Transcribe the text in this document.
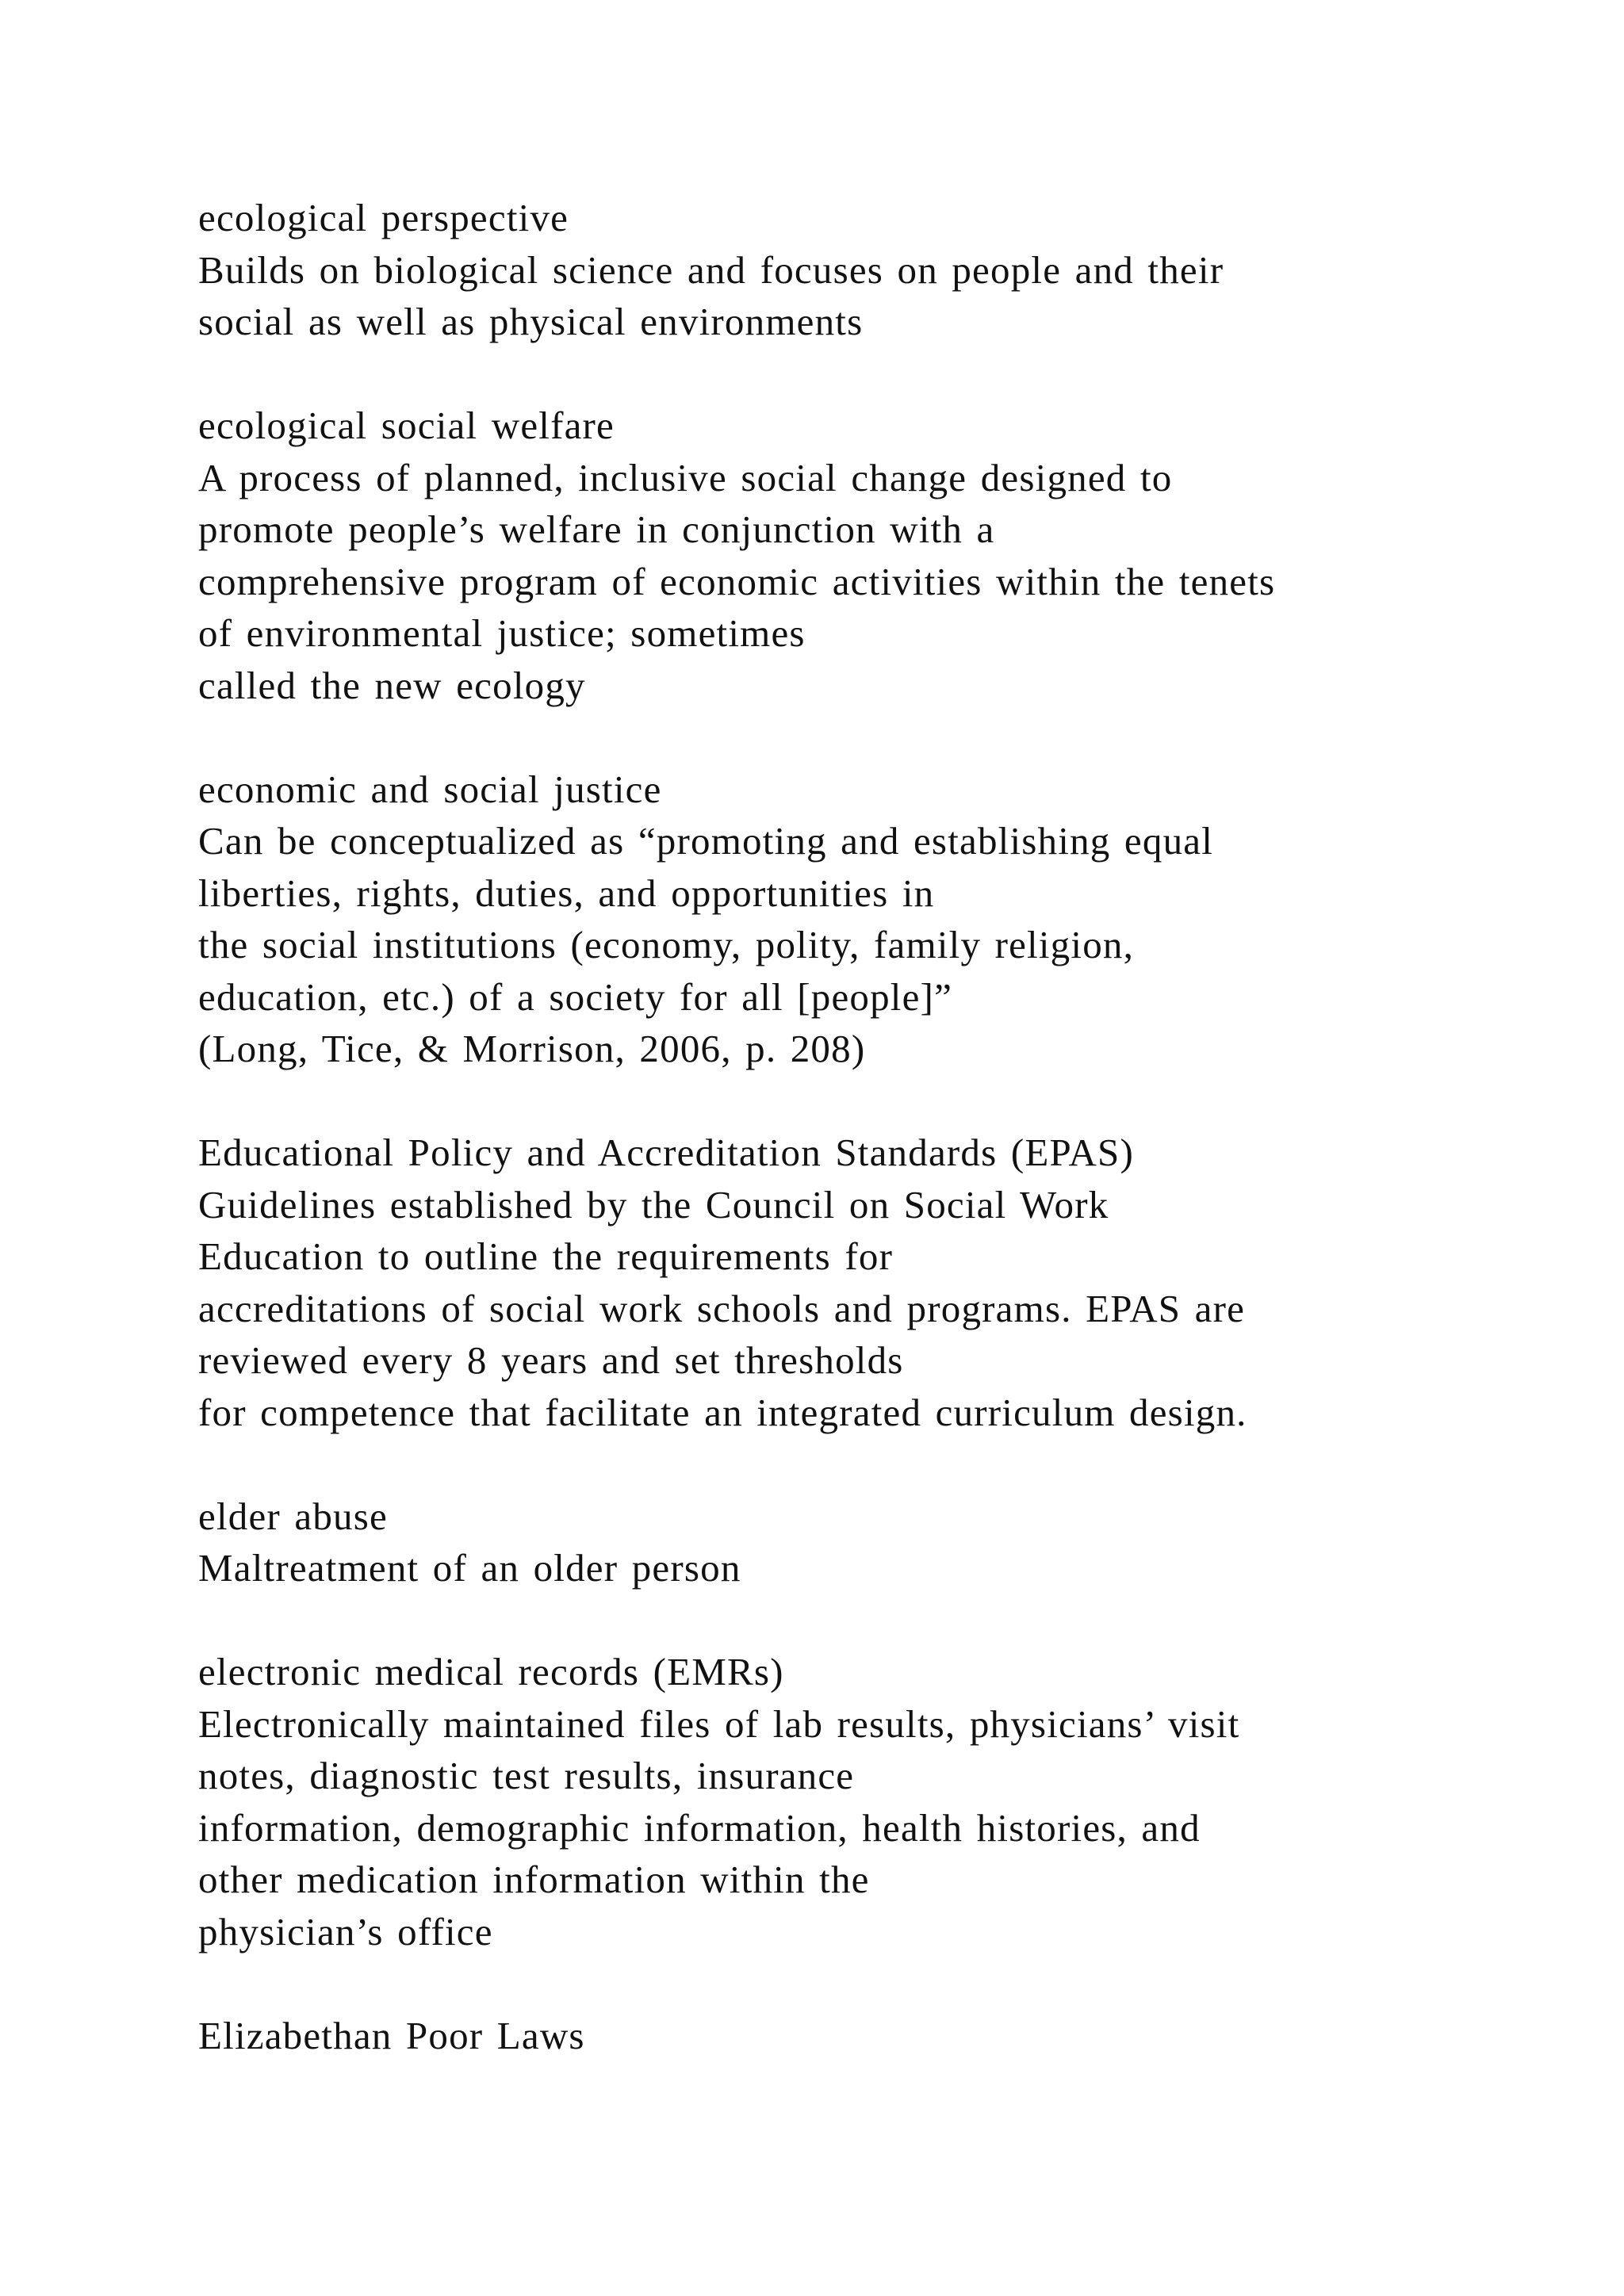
ecological perspective
Builds on biological science and focuses on people and their
social as well as physical environments
ecological social welfare
A process of planned, inclusive social change designed to
promote people’s welfare in conjunction with a
comprehensive program of economic activities within the tenets
of environmental justice; sometimes
called the new ecology
economic and social justice
Can be conceptualized as “promoting and establishing equal
liberties, rights, duties, and opportunities in
the social institutions (economy, polity, family religion,
education, etc.) of a society for all [people]”
(Long, Tice, & Morrison, 2006, p. 208)
Educational Policy and Accreditation Standards (EPAS)
Guidelines established by the Council on Social Work
Education to outline the requirements for
accreditations of social work schools and programs. EPAS are
reviewed every 8 years and set thresholds
for competence that facilitate an integrated curriculum design.
elder abuse
Maltreatment of an older person
electronic medical records (EMRs)
Electronically maintained files of lab results, physicians’ visit
notes, diagnostic test results, insurance
information, demographic information, health histories, and
other medication information within the
physician’s office
Elizabethan Poor Laws
